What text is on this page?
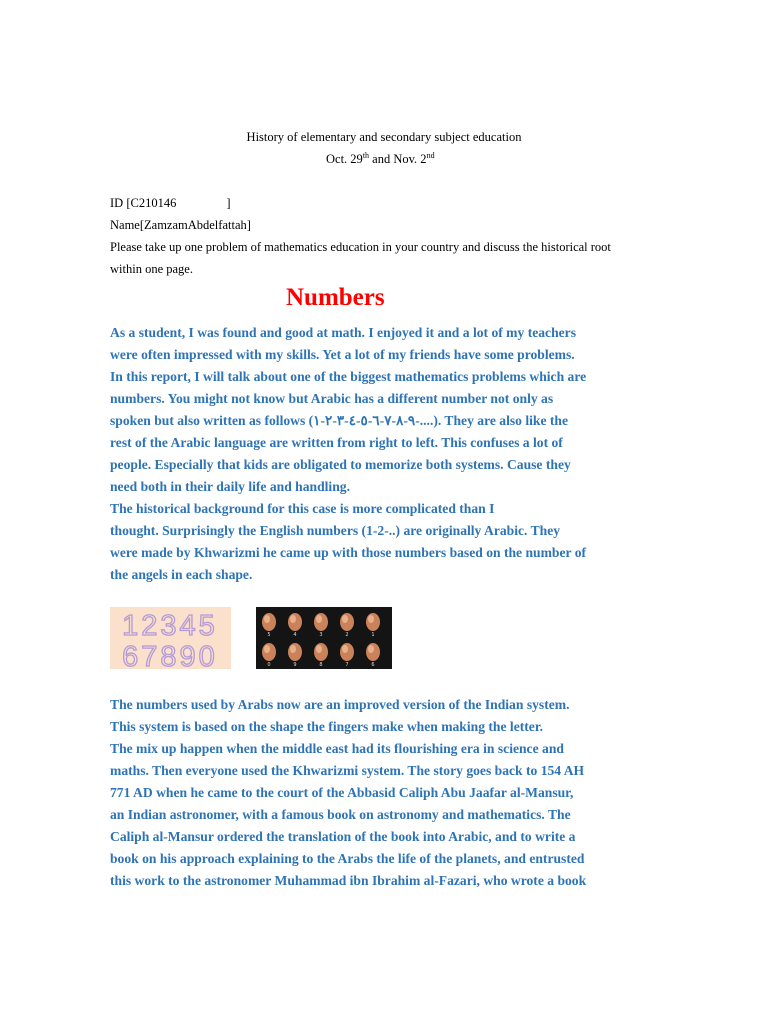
History of elementary and secondary subject education
Oct. 29th and Nov. 2nd
ID [C210146                ]
Name[ZamzamAbdelfattah]
Please take up one problem of mathematics education in your country and discuss the historical root
within one page.
Numbers
As a student, I was found and good at math. I enjoyed it and a lot of my teachers
were often impressed with my skills. Yet a lot of my friends have some problems.
In this report, I will talk about one of the biggest mathematics problems which are
numbers. You might not know but Arabic has a different number not only as
spoken but also written as follows (٩-٨-٧-٦-٥-٤-٣-٢-١-....). They are also like the
rest of the Arabic language are written from right to left. This confuses a lot of
people. Especially that kids are obligated to memorize both systems. Cause they
need both in their daily life and handling.
The historical background for this case is more complicated than I
thought. Surprisingly the English numbers (1-2-..) are originally Arabic. They
were made by Khwarizmi he came up with those numbers based on the number of
the angels in each shape.
12345
67890
5	4	3	2	1
0	9	8	7	6
The numbers used by Arabs now are an improved version of the Indian system.
This system is based on the shape the fingers make when making the letter.
The mix up happen when the middle east had its flourishing era in science and
maths. Then everyone used the Khwarizmi system. The story goes back to 154 AH
771 AD when he came to the court of the Abbasid Caliph Abu Jaafar al-Mansur,
an Indian astronomer, with a famous book on astronomy and mathematics. The
Caliph al-Mansur ordered the translation of the book into Arabic, and to write a
book on his approach explaining to the Arabs the life of the planets, and entrusted
this work to the astronomer Muhammad ibn Ibrahim al-Fazari, who wrote a book
